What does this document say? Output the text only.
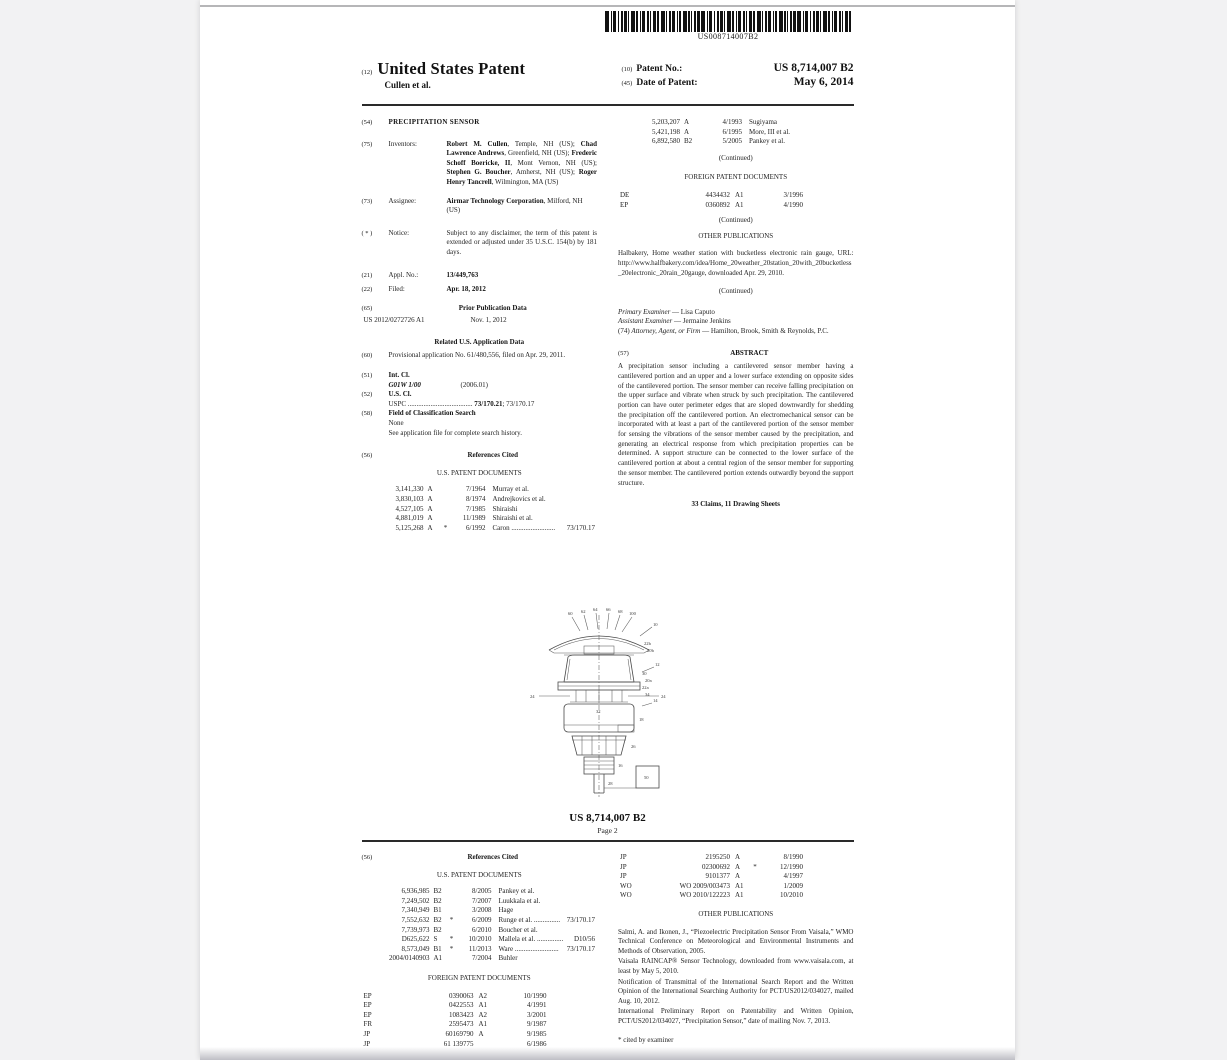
US008714007B2
(12) United States Patent
Cullen et al.
(10) Patent No.:	US 8,714,007 B2
(45) Date of Patent:	May 6, 2014
(54)	PRECIPITATION SENSOR
(75)	Inventors:	Robert M. Cullen, Temple, NH (US); Chad Lawrence Andrews, Greenfield, NH (US); Frederic Schoff Boericke, II, Mont Vernon, NH (US); Stephen G. Boucher, Amherst, NH (US); Roger Henry Tancrell, Wilmington, MA (US)
(73)	Assignee:	Airmar Technology Corporation, Milford, NH (US)
( * )	Notice:	Subject to any disclaimer, the term of this patent is extended or adjusted under 35 U.S.C. 154(b) by 181 days.
(21)	Appl. No.:	13/449,763
(22)	Filed:	Apr. 18, 2012
(65)	Prior Publication Data
US 2012/0272726 A1	Nov. 1, 2012
Related U.S. Application Data
(60)	Provisional application No. 61/480,556, filed on Apr. 29, 2011.
(51)	Int. Cl.
G01W 1/00	(2006.01)
(52)	U.S. Cl.
USPC ..................................... 73/170.21; 73/170.17
(58)	Field of Classification Search
None
See application file for complete search history.
(56)	References Cited
U.S. PATENT DOCUMENTS
3,141,330 A	7/1964	Murray et al.
3,830,103 A	8/1974	Andrejkovics et al.
4,527,105 A	7/1985	Shiraishi
4,881,019 A	11/1989	Shiraishi et al.
5,125,268 A	*	6/1992	Caron ......................... 73/170.17
5,203,207 A	4/1993	Sugiyama
5,421,198 A	6/1995	More, III et al.
6,892,580 B2	5/2005	Pankey et al.
(Continued)
FOREIGN PATENT DOCUMENTS
DE	4434432 A1	3/1996
EP	0360892 A1	4/1990
(Continued)
OTHER PUBLICATIONS
Halbakery, Home weather station with bucketless electronic rain gauge, URL: http://www.halfbakery.com/idea/Home_20weather_20station_20with_20bucketless_20electronic_20rain_20gauge, downloaded Apr. 29, 2010.
(Continued)
Primary Examiner — Lisa Caputo
Assistant Examiner — Jermaine Jenkins
(74) Attorney, Agent, or Firm — Hamilton, Brook, Smith & Reynolds, P.C.
(57)	ABSTRACT
A precipitation sensor including a cantilevered sensor member having a cantilevered portion and an upper and a lower surface extending on opposite sides of the cantilevered portion. The sensor member can receive falling precipitation on the upper surface and vibrate when struck by such precipitation. The cantilevered portion can have outer perimeter edges that are sloped downwardly for shedding the precipitation off the cantilevered portion. An electromechanical sensor can be incorporated with at least a part of the cantilevered portion of the sensor member for sensing the vibrations of the sensor member caused by the precipitation, and generating an electrical response from which precipitation properties can be determined. A support structure can be connected to the lower surface of the cantilevered portion at about a central region of the sensor member for supporting the sensor member. The cantilevered portion extends outwardly beyond the support structure.
33 Claims, 11 Drawing Sheets
60 62 64 66 68 100
10
12
14
22b
20b
30
20a
22a
34 24
24
32
18
26
16
28
50
US 8,714,007 B2
Page 2
(56)	References Cited
U.S. PATENT DOCUMENTS
6,936,985 B2	8/2005	Pankey et al.
7,249,502 B2	7/2007	Luukkala et al.
7,340,949 B1	3/2008	Hage
7,552,632 B2	*	6/2009	Runge et al. ............... 73/170.17
7,739,973 B2	6/2010	Boucher et al.
D625,622 S	*	10/2010	Mallela et al. ............... D10/56
8,573,049 B1	*	11/2013	Ware ......................... 73/170.17
2004/0140903 A1	7/2004	Buhler
FOREIGN PATENT DOCUMENTS
EP	0390063 A2	10/1990
EP	0422553 A1	4/1991
EP	1083423 A2	3/2001
FR	2595473 A1	9/1987
JP	60169790 A	9/1985
JP	61 139775	6/1986
JP	2195250 A	8/1990
JP	02300692 A	*	12/1990
JP	9101377 A	4/1997
WO	WO 2009/003473 A1	1/2009
WO	WO 2010/122223 A1	10/2010
OTHER PUBLICATIONS
Salmi, A. and Ikonen, J., “Piezoelectric Precipitation Sensor From Vaisala,” WMO Technical Conference on Meteorological and Environmental Instruments and Methods of Observation, 2005.
Vaisala RAINCAP® Sensor Technology, downloaded from www.vaisala.com, at least by May 5, 2010.
Notification of Transmittal of the International Search Report and the Written Opinion of the International Searching Authority for PCT/US2012/034027, mailed Aug. 10, 2012.
International Preliminary Report on Patentability and Written Opinion, PCT/US2012/034027, “Precipitation Sensor,” date of mailing Nov. 7, 2013.
* cited by examiner
